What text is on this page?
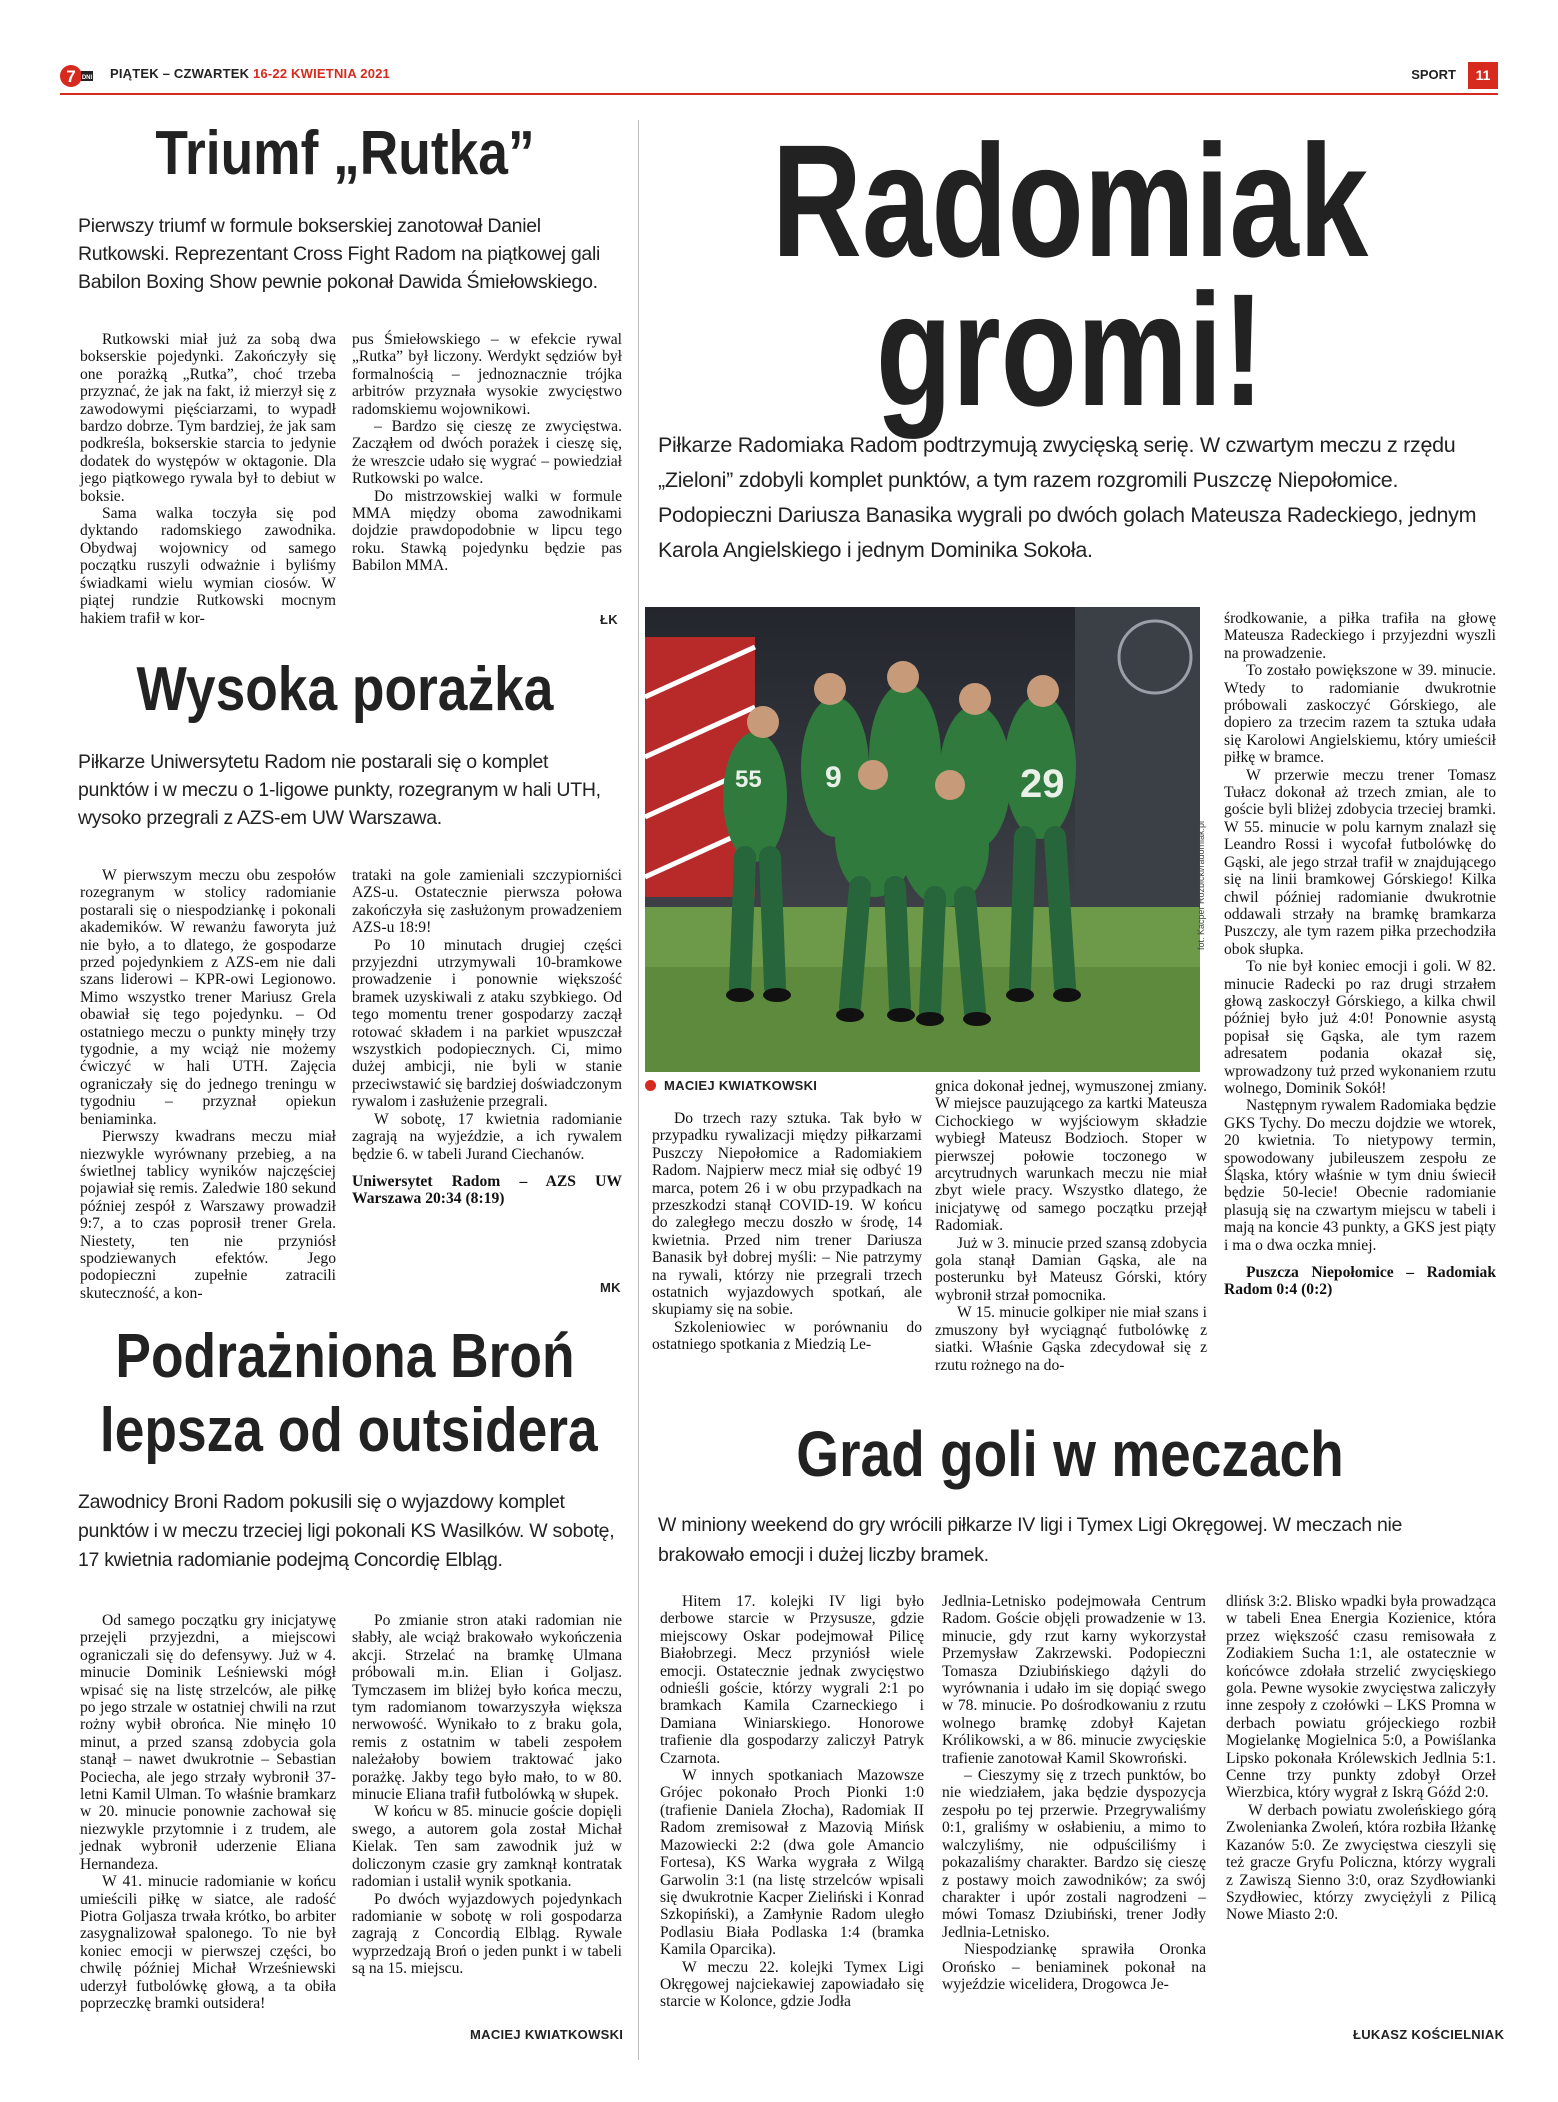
7 DNI PIĄTEK – CZWARTEK 16-22 KWIETNIA 2021	SPORT	11
Triumf „Rutka”
Pierwszy triumf w formule bokserskiej zanotował Daniel Rutkowski. Reprezentant Cross Fight Radom na piątkowej gali Babilon Boxing Show pewnie pokonał Dawida Śmiełowskiego.

Rutkowski miał już za sobą dwa bokserskie pojedynki. Zakończyły się one porażką „Rutka”, choć trzeba przyznać, że jak na fakt, iż mierzył się z zawodowymi pięściarzami, to wypadł bardzo dobrze. Tym bardziej, że jak sam podkreśla, bokserskie starcia to jedynie dodatek do występów w oktagonie. Dla jego piątkowego rywala był to debiut w boksie.

Sama walka toczyła się pod dyktando radomskiego zawodnika. Obydwaj wojownicy od samego początku ruszyli odważnie i byliśmy świadkami wielu wymian ciosów. W piątej rundzie Rutkowski mocnym hakiem trafił w kor-

pus Śmiełowskiego – w efekcie rywal „Rutka” był liczony. Werdykt sędziów był formalnością – jednoznacznie trójka arbitrów przyznała wysokie zwycięstwo radomskiemu wojownikowi.

– Bardzo się cieszę ze zwycięstwa. Zacząłem od dwóch porażek i cieszę się, że wreszcie udało się wygrać – powiedział Rutkowski po walce.

Do mistrzowskiej walki w formule MMA między oboma zawodnikami dojdzie prawdopodobnie w lipcu tego roku. Stawką pojedynku będzie pas Babilon MMA.

ŁK
Wysoka porażka
Piłkarze Uniwersytetu Radom nie postarali się o komplet punktów i w meczu o 1-ligowe punkty, rozegranym w hali UTH, wysoko przegrali z AZS-em UW Warszawa.

W pierwszym meczu obu zespołów rozegranym w stolicy radomianie postarali się o niespodziankę i pokonali akademików. W rewanżu faworyta już nie było, a to dlatego, że gospodarze przed pojedynkiem z AZS-em nie dali szans liderowi – KPR-owi Legionowo. Mimo wszystko trener Mariusz Grela obawiał się tego pojedynku. – Od ostatniego meczu o punkty minęły trzy tygodnie, a my wciąż nie możemy ćwiczyć w hali UTH. Zajęcia ograniczały się do jednego treningu w tygodniu – przyznał opiekun beniaminka.

Pierwszy kwadrans meczu miał niezwykle wyrównany przebieg, a na świetlnej tablicy wyników najczęściej pojawiał się remis. Zaledwie 180 sekund później zespół z Warszawy prowadził 9:7, a to czas poprosił trener Grela. Niestety, ten nie przyniósł spodziewanych efektów. Jego podopieczni zupełnie zatracili skuteczność, a kon-

trataki na gole zamieniali szczypiorniści AZS-u. Ostatecznie pierwsza połowa zakończyła się zasłużonym prowadzeniem AZS-u 18:9!

Po 10 minutach drugiej części przyjezdni utrzymywali 10-bramkowe prowadzenie i ponownie większość bramek uzyskiwali z ataku szybkiego. Od tego momentu trener gospodarzy zaczął rotować składem i na parkiet wpuszczał wszystkich podopiecznych. Ci, mimo dużej ambicji, nie byli w stanie przeciwstawić się bardziej doświadczonym rywalom i zasłużenie przegrali.

W sobotę, 17 kwietnia radomianie zagrają na wyjeździe, a ich rywalem będzie 6. w tabeli Jurand Ciechanów.

Uniwersytet Radom – AZS UW Warszawa 20:34 (8:19)

MK
Podrażniona Broń
lepsza od outsidera
Zawodnicy Broni Radom pokusili się o wyjazdowy komplet punktów i w meczu trzeciej ligi pokonali KS Wasilków. W sobotę, 17 kwietnia radomianie podejmą Concordię Elbląg.

Od samego początku gry inicjatywę przejęli przyjezdni, a miejscowi ograniczali się do defensywy. Już w 4. minucie Dominik Leśniewski mógł wpisać się na listę strzelców, ale piłkę po jego strzale w ostatniej chwili na rzut rożny wybił obrońca. Nie minęło 10 minut, a przed szansą zdobycia gola stanął – nawet dwukrotnie – Sebastian Pociecha, ale jego strzały wybronił 37-letni Kamil Ulman. To właśnie bramkarz w 20. minucie ponownie zachował się niezwykle przytomnie i z trudem, ale jednak wybronił uderzenie Eliana Hernandeza.

W 41. minucie radomianie w końcu umieścili piłkę w siatce, ale radość Piotra Goljasza trwała krótko, bo arbiter zasygnalizował spalonego. To nie był koniec emocji w pierwszej części, bo chwilę później Michał Wrześniewski uderzył futbolówkę głową, a ta obiła poprzeczkę bramki outsidera!

Po zmianie stron ataki radomian nie słabły, ale wciąż brakowało wykończenia akcji. Strzelać na bramkę Ulmana próbowali m.in. Elian i Goljasz. Tymczasem im bliżej było końca meczu, tym radomianom towarzyszyła większa nerwowość. Wynikało to z braku gola, remis z ostatnim w tabeli zespołem należałoby bowiem traktować jako porażkę. Jakby tego było mało, to w 80. minucie Eliana trafił futbolówką w słupek.

W końcu w 85. minucie goście dopięli swego, a autorem gola został Michał Kielak. Ten sam zawodnik już w doliczonym czasie gry zamknął kontratak radomian i ustalił wynik spotkania.

Po dwóch wyjazdowych pojedynkach radomianie w sobotę w roli gospodarza zagrają z Concordią Elbląg. Rywale wyprzedzają Broń o jeden punkt i w tabeli są na 15. miejscu.

MACIEJ KWIATKOWSKI
Radomiak
gromi!
Piłkarze Radomiaka Radom podtrzymują zwycięską serię. W czwartym meczu z rzędu „Zieloni” zdobyli komplet punktów, a tym razem rozgromili Puszczę Niepołomice. Podopieczni Dariusza Banasika wygrali po dwóch golach Mateusza Radeckiego, jednym Karola Angielskiego i jednym Dominika Sokoła.
29
9
55
fot. Kacper Rozbicki/radomiak.pl
MACIEJ KWIATKOWSKI

Do trzech razy sztuka. Tak było w przypadku rywalizacji między piłkarzami Puszczy Niepołomice a Radomiakiem Radom. Najpierw mecz miał się odbyć 19 marca, potem 26 i w obu przypadkach na przeszkodzi stanął COVID-19. W końcu do zaległego meczu doszło w środę, 14 kwietnia. Przed nim trener Dariusza Banasik był dobrej myśli: – Nie patrzymy na rywali, którzy nie przegrali trzech ostatnich wyjazdowych spotkań, ale skupiamy się na sobie.

Szkoleniowiec w porównaniu do ostatniego spotkania z Miedzią Le-

gnica dokonał jednej, wymuszonej zmiany. W miejsce pauzującego za kartki Mateusza Cichockiego w wyjściowym składzie wybiegł Mateusz Bodzioch. Stoper w pierwszej połowie toczonego w arcytrudnych warunkach meczu nie miał zbyt wiele pracy. Wszystko dlatego, że inicjatywę od samego początku przejął Radomiak.

Już w 3. minucie przed szansą zdobycia gola stanął Damian Gąska, ale na posterunku był Mateusz Górski, który wybronił strzał pomocnika.

W 15. minucie golkiper nie miał szans i zmuszony był wyciągnąć futbolówkę z siatki. Właśnie Gąska zdecydował się z rzutu rożnego na do-

środkowanie, a piłka trafiła na głowę Mateusza Radeckiego i przyjezdni wyszli na prowadzenie.

To zostało powiększone w 39. minucie. Wtedy to radomianie dwukrotnie próbowali zaskoczyć Górskiego, ale dopiero za trzecim razem ta sztuka udała się Karolowi Angielskiemu, który umieścił piłkę w bramce.

W przerwie meczu trener Tomasz Tułacz dokonał aż trzech zmian, ale to goście byli bliżej zdobycia trzeciej bramki. W 55. minucie w polu karnym znalazł się Leandro Rossi i wycofał futbolówkę do Gąski, ale jego strzał trafił w znajdującego się na linii bramkowej Górskiego! Kilka chwil później radomianie dwukrotnie oddawali strzały na bramkę bramkarza Puszczy, ale tym razem piłka przechodziła obok słupka.

To nie był koniec emocji i goli. W 82. minucie Radecki po raz drugi strzałem głową zaskoczył Górskiego, a kilka chwil później było już 4:0! Ponownie asystą popisał się Gąska, ale tym razem adresatem podania okazał się, wprowadzony tuż przed wykonaniem rzutu wolnego, Dominik Sokół!

Następnym rywalem Radomiaka będzie GKS Tychy. Do meczu dojdzie we wtorek, 20 kwietnia. To nietypowy termin, spowodowany jubileuszem zespołu ze Śląska, który właśnie w tym dniu świecił będzie 50-lecie! Obecnie radomianie plasują się na czwartym miejscu w tabeli i mają na koncie 43 punkty, a GKS jest piąty i ma o dwa oczka mniej.

Puszcza Niepołomice – Radomiak Radom 0:4 (0:2)

Grad goli w meczach
W miniony weekend do gry wrócili piłkarze IV ligi i Tymex Ligi Okręgowej. W meczach nie brakowało emocji i dużej liczby bramek.

Hitem 17. kolejki IV ligi było derbowe starcie w Przysusze, gdzie miejscowy Oskar podejmował Pilicę Białobrzegi. Mecz przyniósł wiele emocji. Ostatecznie jednak zwycięstwo odnieśli goście, którzy wygrali 2:1 po bramkach Kamila Czarneckiego i Damiana Winiarskiego. Honorowe trafienie dla gospodarzy zaliczył Patryk Czarnota.

W innych spotkaniach Mazowsze Grójec pokonało Proch Pionki 1:0 (trafienie Daniela Złocha), Radomiak II Radom zremisował z Mazovią Mińsk Mazowiecki 2:2 (dwa gole Amancio Fortesa), KS Warka wygrała z Wilgą Garwolin 3:1 (na listę strzelców wpisali się dwukrotnie Kacper Zieliński i Konrad Szkopiński), a Zamłynie Radom uległo Podlasiu Biała Podlaska 1:4 (bramka Kamila Oparcika).

W meczu 22. kolejki Tymex Ligi Okręgowej najciekawiej zapowiadało się starcie w Kolonce, gdzie Jodła

Jedlnia-Letnisko podejmowała Centrum Radom. Goście objęli prowadzenie w 13. minucie, gdy rzut karny wykorzystał Przemysław Zakrzewski. Podopieczni Tomasza Dziubińskiego dążyli do wyrównania i udało im się dopiąć swego w 78. minucie. Po dośrodkowaniu z rzutu wolnego bramkę zdobył Kajetan Królikowski, a w 86. minucie zwycięskie trafienie zanotował Kamil Skowroński.

– Cieszymy się z trzech punktów, bo nie wiedziałem, jaka będzie dyspozycja zespołu po tej przerwie. Przegrywaliśmy 0:1, graliśmy w osłabieniu, a mimo to walczyliśmy, nie odpuściliśmy i pokazaliśmy charakter. Bardzo się cieszę z postawy moich zawodników; za swój charakter i upór zostali nagrodzeni – mówi Tomasz Dziubiński, trener Jodły Jedlnia-Letnisko.

Niespodziankę sprawiła Oronka Orońsko – beniaminek pokonał na wyjeździe wicelidera, Drogowca Je-

dlińsk 3:2. Blisko wpadki była prowadząca w tabeli Enea Energia Kozienice, która przez większość czasu remisowała z Zodiakiem Sucha 1:1, ale ostatecznie w końcówce zdołała strzelić zwycięskiego gola. Pewne wysokie zwycięstwa zaliczyły inne zespoły z czołówki – LKS Promna w derbach powiatu grójeckiego rozbił Mogielankę Mogielnica 5:0, a Powiślanka Lipsko pokonała Królewskich Jedlnia 5:1. Cenne trzy punkty zdobył Orzeł Wierzbica, który wygrał z Iskrą Góźd 2:0.

W derbach powiatu zwoleńskiego górą Zwolenianka Zwoleń, która rozbiła Iłżankę Kazanów 5:0. Ze zwycięstwa cieszyli się też gracze Gryfu Policzna, którzy wygrali z Zawiszą Sienno 3:0, oraz Szydłowianki Szydłowiec, którzy zwyciężyli z Pilicą Nowe Miasto 2:0.

ŁUKASZ KOŚCIELNIAK
